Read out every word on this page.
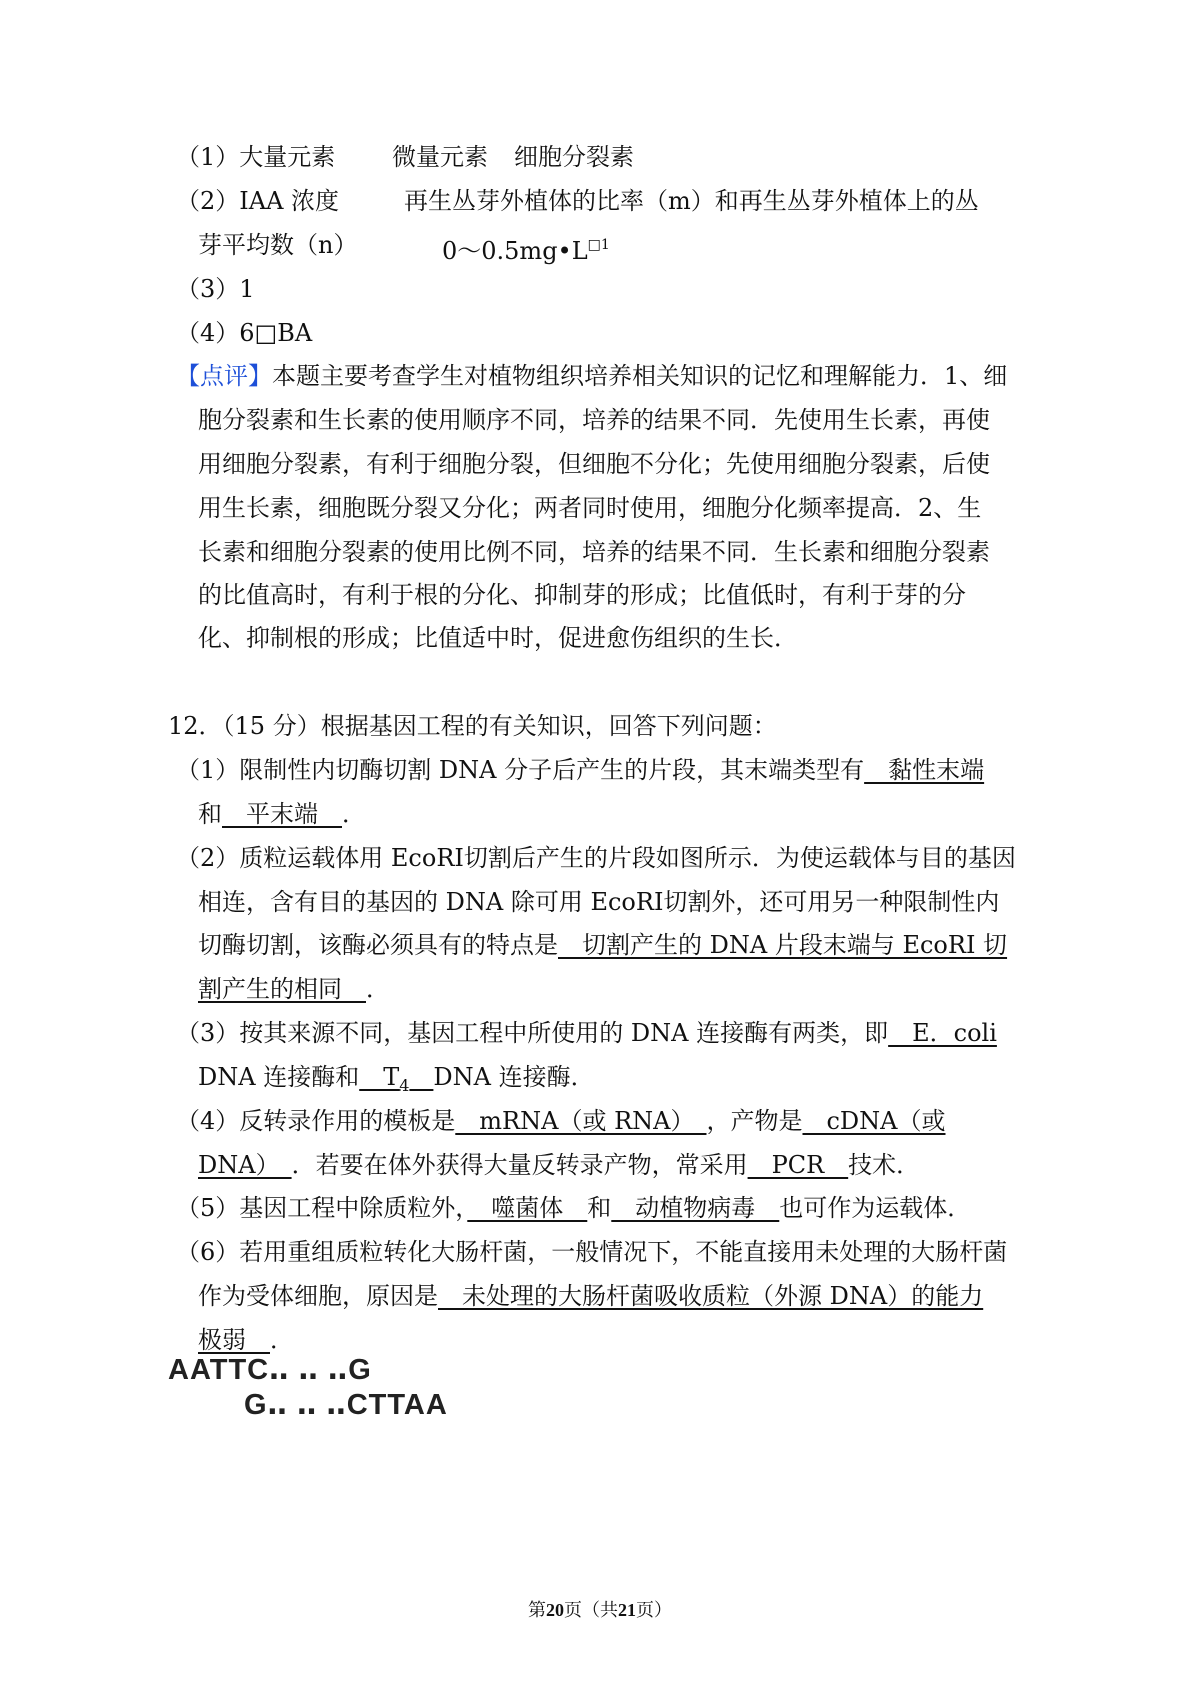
（1）大量元素 微量元素 细胞分裂素
（2）IAA 浓度	再生丛芽外植体的比率（m）和再生丛芽外植体上的丛
芽平均数（n）	$0\sim 0.5mg•L^{□1}$
（3）1
（4）6□BA
【点评】本题主要考查学生对植物组织培养相关知识的记忆和理解能力．1、细
胞分裂素和生长素的使用顺序不同，培养的结果不同．先使用生长素，再使
用细胞分裂素，有利于细胞分裂，但细胞不分化；先使用细胞分裂素，后使
用生长素，细胞既分裂又分化；两者同时使用，细胞分化频率提高．2、生
长素和细胞分裂素的使用比例不同，培养的结果不同．生长素和细胞分裂素
的比值高时，有利于根的分化、抑制芽的形成；比值低时，有利于芽的分
化、抑制根的形成；比值适中时，促进愈伤组织的生长．
12．（15 分）根据基因工程的有关知识，回答下列问题：
（1）限制性内切酶切割 DNA 分子后产生的片段，其末端类型有　黏性末端
和　平末端　．
（2）质粒运载体用 EcoRI切割后产生的片段如图所示．为使运载体与目的基因
相连，含有目的基因的 DNA 除可用 EcoRI切割外，还可用另一种限制性内
切酶切割，该酶必须具有的特点是　切割产生的 DNA 片段末端与 EcoRI 切
割产生的相同　．
（3）按其来源不同，基因工程中所使用的 DNA 连接酶有两类，即　E．coli
DNA 连接酶和　$T_4$　 DNA 连接酶．
（4）反转录作用的模板是　mRNA（或 RNA）　，产物是　cDNA（或
DNA）　．若要在体外获得大量反转录产物，常采用　PCR　技术．
（5）基因工程中除质粒外，　噬菌体　和　动植物病毒　也可作为运载体．
（6）若用重组质粒转化大肠杆菌，一般情况下，不能直接用未处理的大肠杆菌
作为受体细胞，原因是　未处理的大肠杆菌吸收质粒（外源 DNA）的能力
极弱　．
AATTC‥ ‥ ‥G
G‥ ‥ ‥CTTAA
第20页（共21页）
